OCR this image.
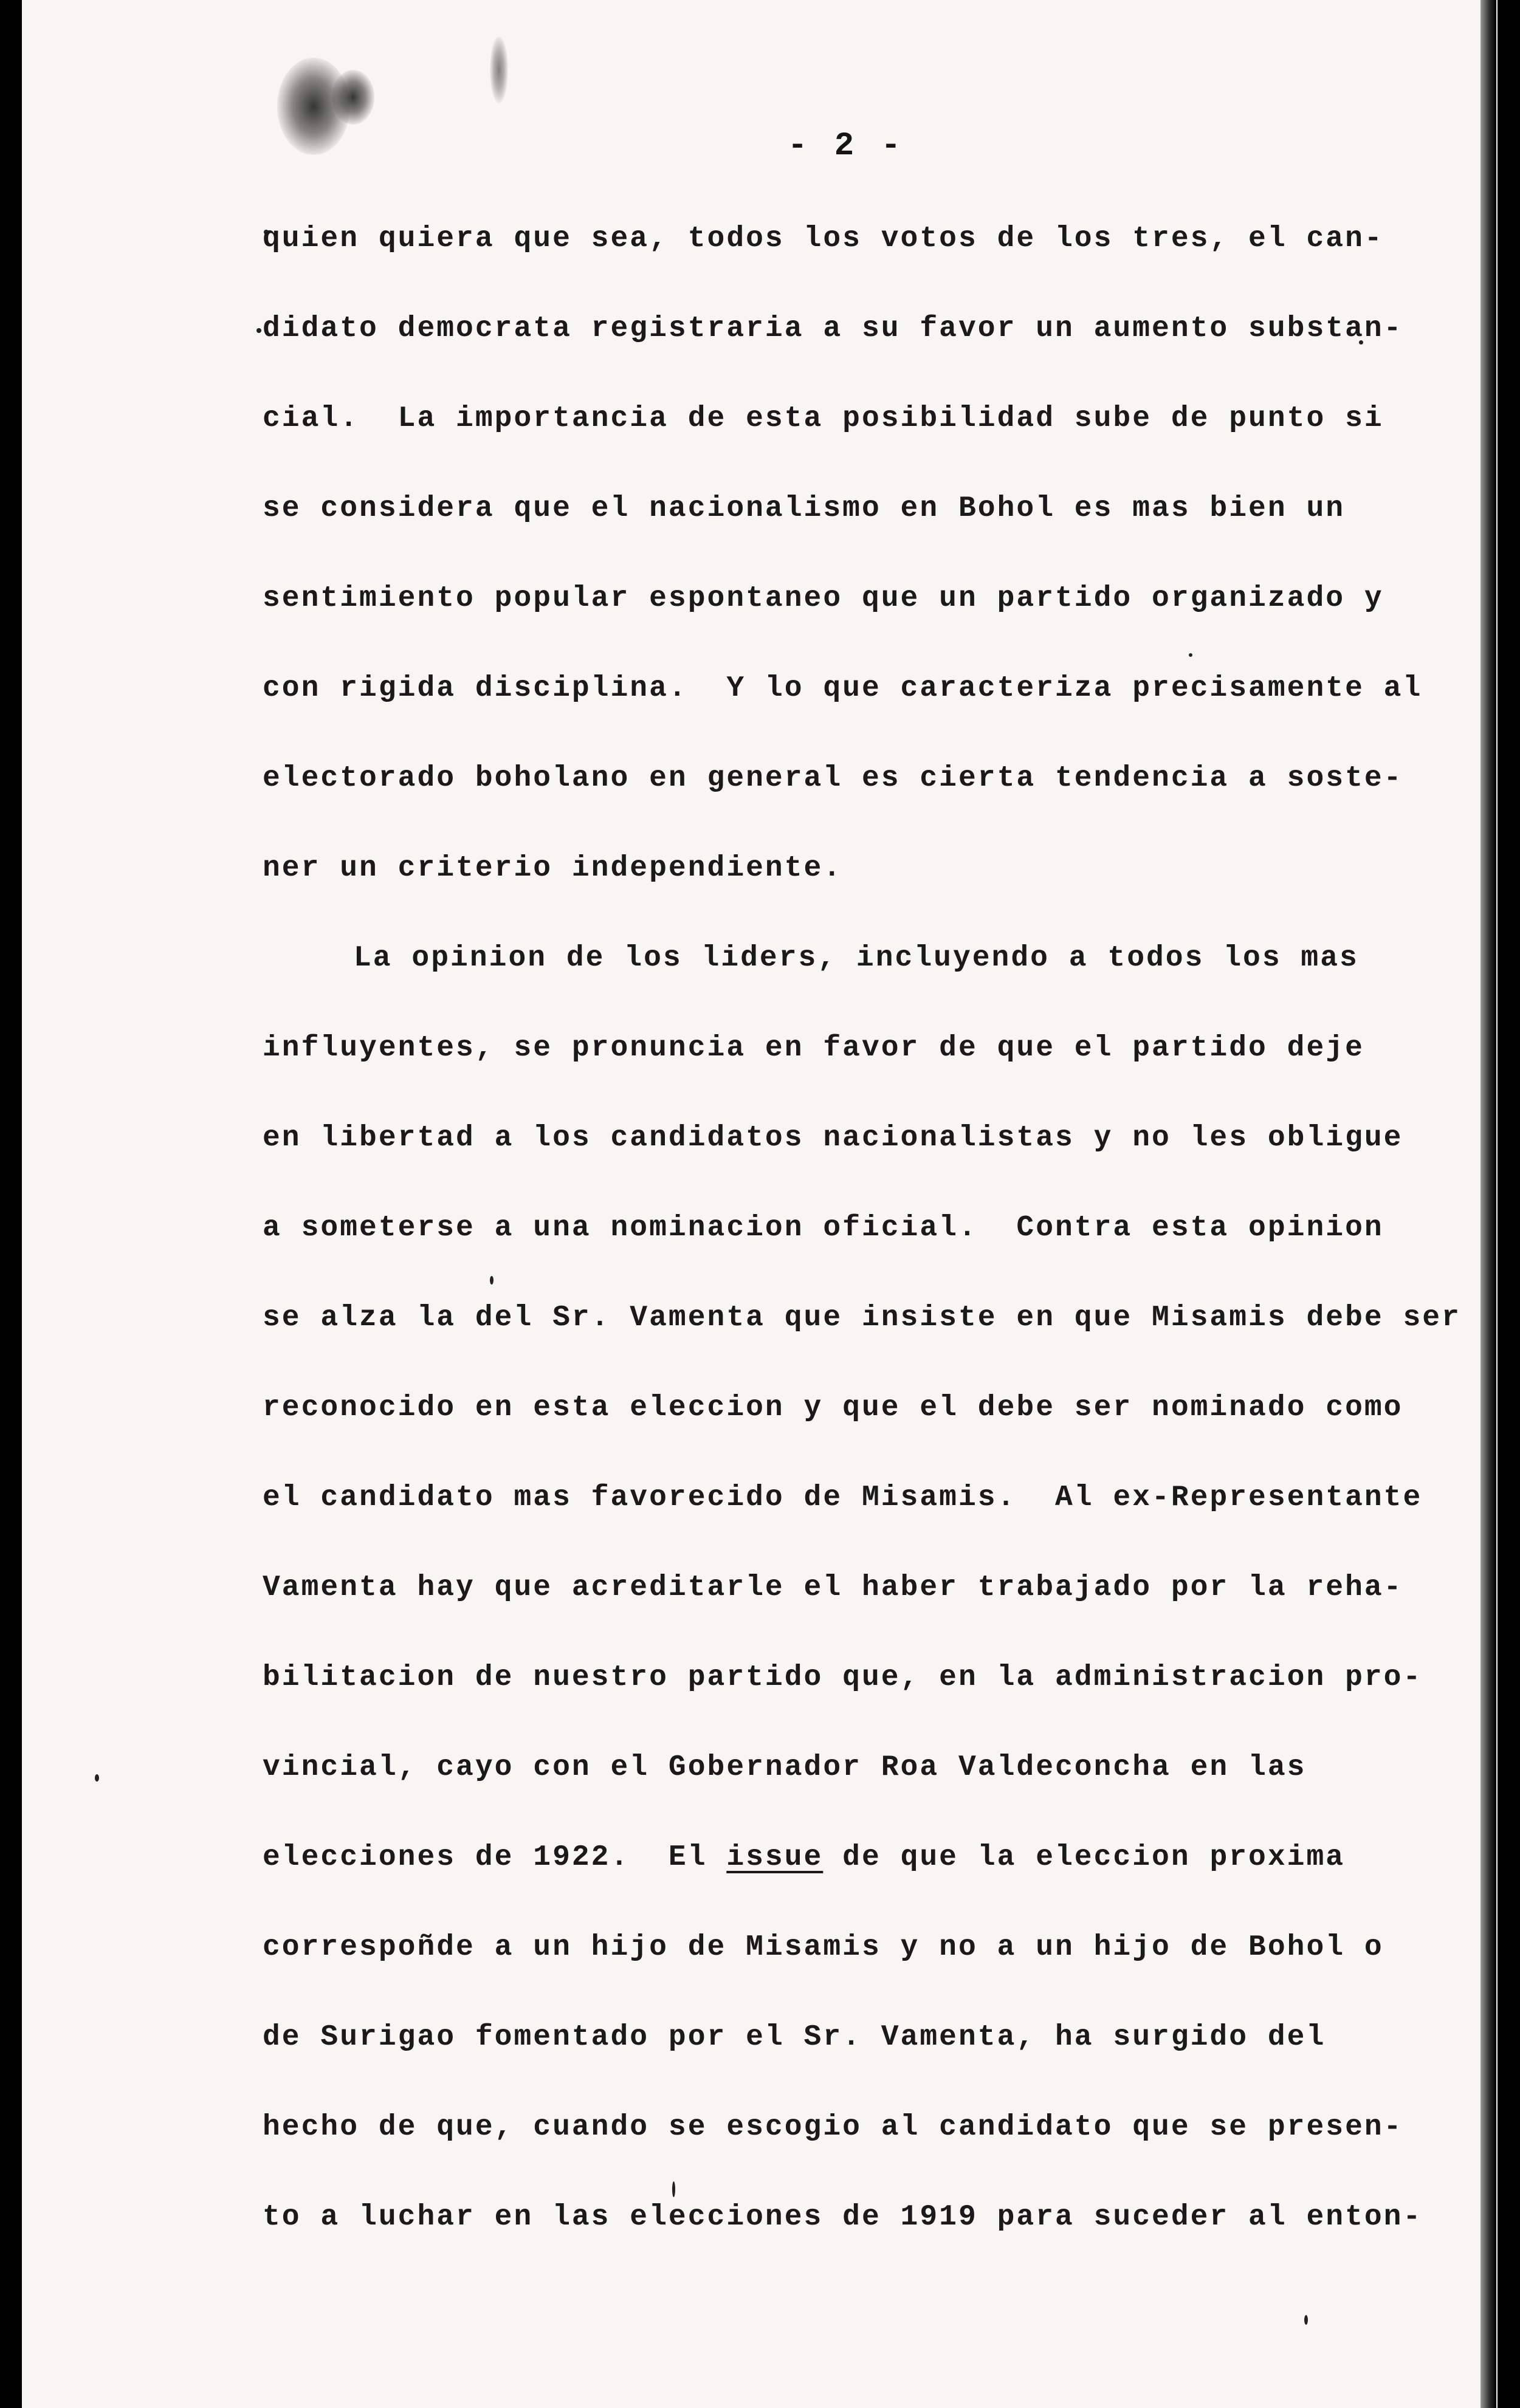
- 2 -
quien quiera que sea, todos los votos de los tres, el can-
didato democrata registraria a su favor un aumento substan-
cial.  La importancia de esta posibilidad sube de punto si
se considera que el nacionalismo en Bohol es mas bien un
sentimiento popular espontaneo que un partido organizado y
con rigida disciplina.  Y lo que caracteriza precisamente al
electorado boholano en general es cierta tendencia a soste-
ner un criterio independiente.
La opinion de los liders, incluyendo a todos los mas
influyentes, se pronuncia en favor de que el partido deje
en libertad a los candidatos nacionalistas y no les obligue
a someterse a una nominacion oficial.  Contra esta opinion
se alza la del Sr. Vamenta que insiste en que Misamis debe ser
reconocido en esta eleccion y que el debe ser nominado como
el candidato mas favorecido de Misamis.  Al ex-Representante
Vamenta hay que acreditarle el haber trabajado por la reha-
bilitacion de nuestro partido que, en la administracion pro-
vincial, cayo con el Gobernador Roa Valdeconcha en las
elecciones de 1922.  El issue de que la eleccion proxima
correspoñde a un hijo de Misamis y no a un hijo de Bohol o
de Surigao fomentado por el Sr. Vamenta, ha surgido del
hecho de que, cuando se escogio al candidato que se presen-
to a luchar en las elecciones de 1919 para suceder al enton-
